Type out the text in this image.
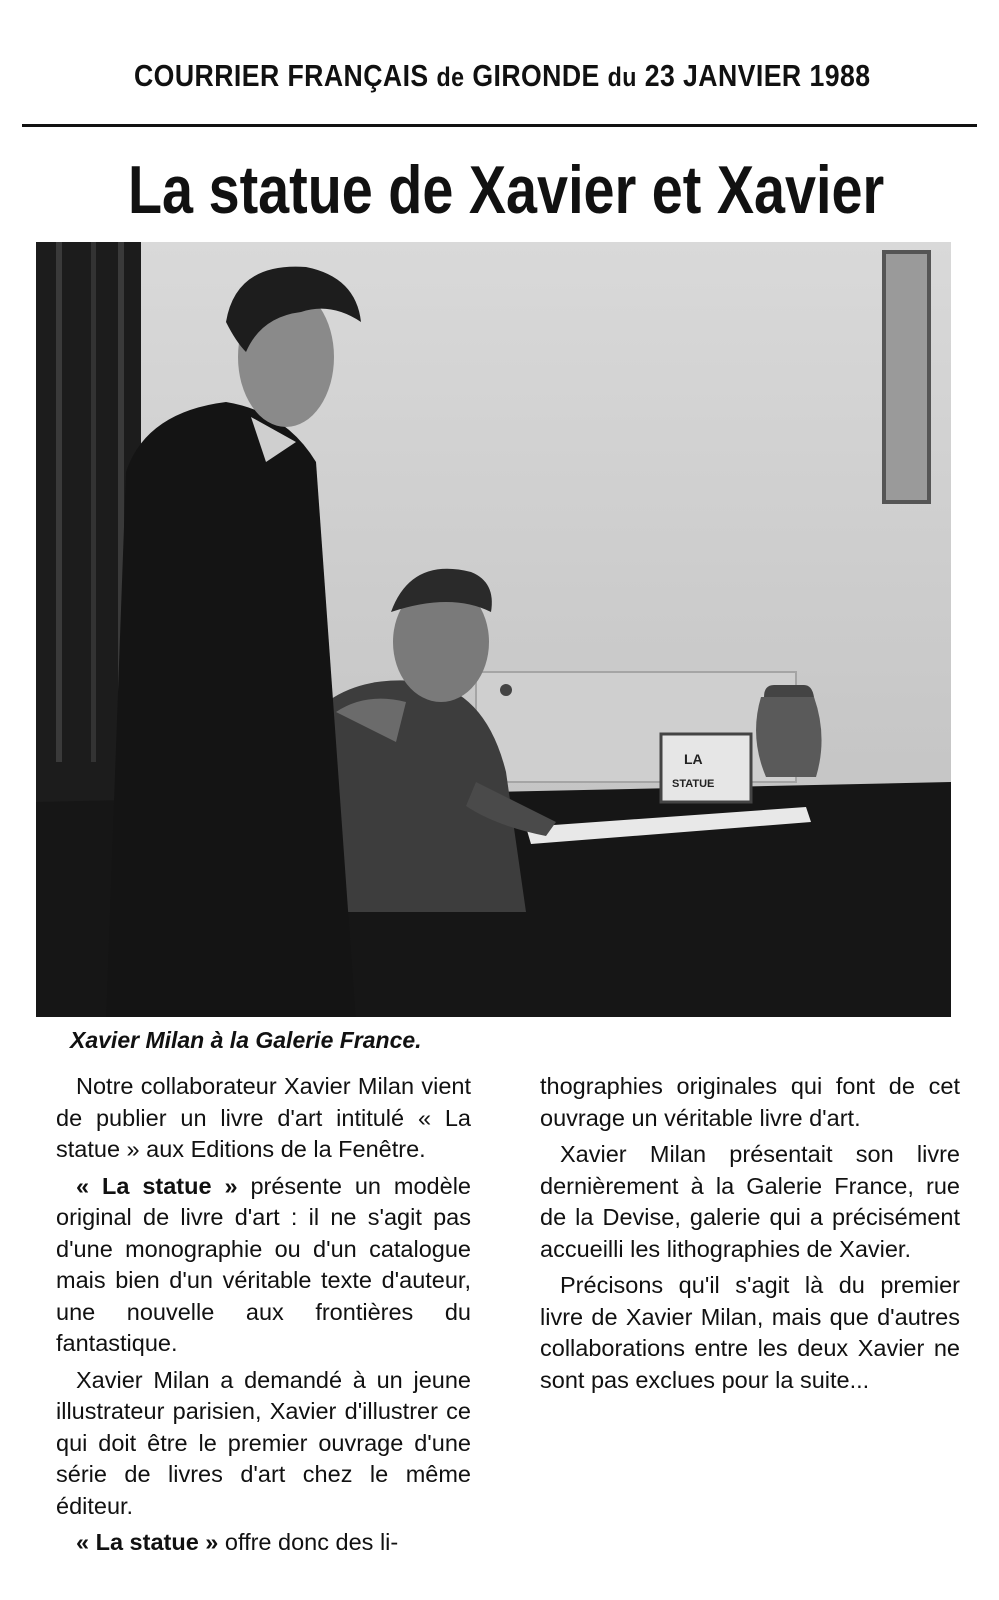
COURRIER FRANÇAIS de GIRONDE du 23 JANVIER 1988
La statue de Xavier et Xavier
LA
STATUE
Xavier Milan à la Galerie France.

Notre collaborateur Xavier Milan vient de publier un livre d'art intitulé « La statue » aux Editions de la Fenêtre.

« La statue » présente un modèle original de livre d'art : il ne s'agit pas d'une monographie ou d'un catalogue mais bien d'un véritable texte d'auteur, une nouvelle aux frontières du fantastique.

Xavier Milan a demandé à un jeune illustrateur parisien, Xavier d'illustrer ce qui doit être le premier ouvrage d'une série de livres d'art chez le même éditeur.

« La statue » offre donc des li-

thographies originales qui font de cet ouvrage un véritable livre d'art.

Xavier Milan présentait son livre dernièrement à la Galerie France, rue de la Devise, galerie qui a précisément accueilli les lithographies de Xavier.

Précisons qu'il s'agit là du premier livre de Xavier Milan, mais que d'autres collaborations entre les deux Xavier ne sont pas exclues pour la suite...
